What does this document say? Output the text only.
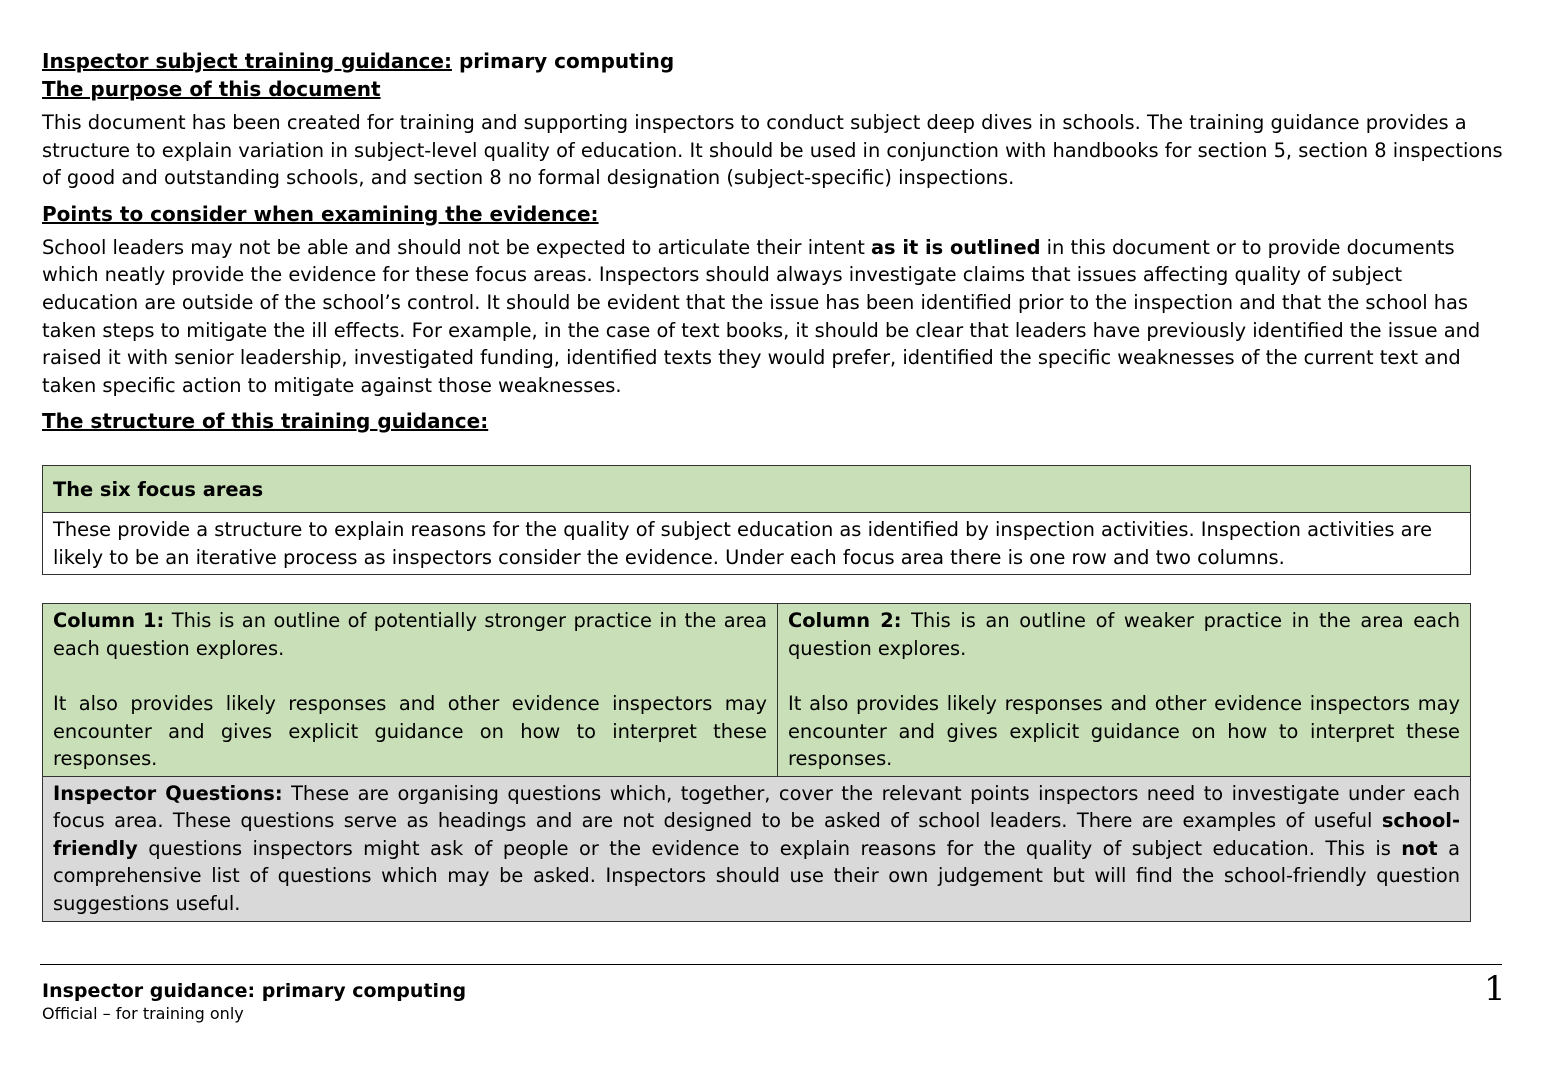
Inspector subject training guidance: primary computing
The purpose of this document

This document has been created for training and supporting inspectors to conduct subject deep dives in schools. The training guidance provides a structure to explain variation in subject-level quality of education. It should be used in conjunction with handbooks for section 5, section 8 inspections of good and outstanding schools, and section 8 no formal designation (subject-specific) inspections.

Points to consider when examining the evidence:

School leaders may not be able and should not be expected to articulate their intent as it is outlined in this document or to provide documents which neatly provide the evidence for these focus areas. Inspectors should always investigate claims that issues affecting quality of subject education are outside of the school’s control. It should be evident that the issue has been identified prior to the inspection and that the school has taken steps to mitigate the ill effects. For example, in the case of text books, it should be clear that leaders have previously identified the issue and raised it with senior leadership, investigated funding, identified texts they would prefer, identified the specific weaknesses of the current text and taken specific action to mitigate against those weaknesses.

The structure of this training guidance:
The six focus areas
These provide a structure to explain reasons for the quality of subject education as identified by inspection activities. Inspection activities are likely to be an iterative process as inspectors consider the evidence. Under each focus area there is one row and two columns.
Column 1: This is an outline of potentially stronger practice in the area each question explores.
It also provides likely responses and other evidence inspectors may encounter and gives explicit guidance on how to interpret these responses.

Column 2: This is an outline of weaker practice in the area each question explores.
It also provides likely responses and other evidence inspectors may encounter and gives explicit guidance on how to interpret these responses.

Inspector Questions: These are organising questions which, together, cover the relevant points inspectors need to investigate under each focus area. These questions serve as headings and are not designed to be asked of school leaders. There are examples of useful school-friendly questions inspectors might ask of people or the evidence to explain reasons for the quality of subject education. This is not a comprehensive list of questions which may be asked. Inspectors should use their own judgement but will find the school-friendly question suggestions useful.
Inspector guidance: primary computing
Official – for training only
1
